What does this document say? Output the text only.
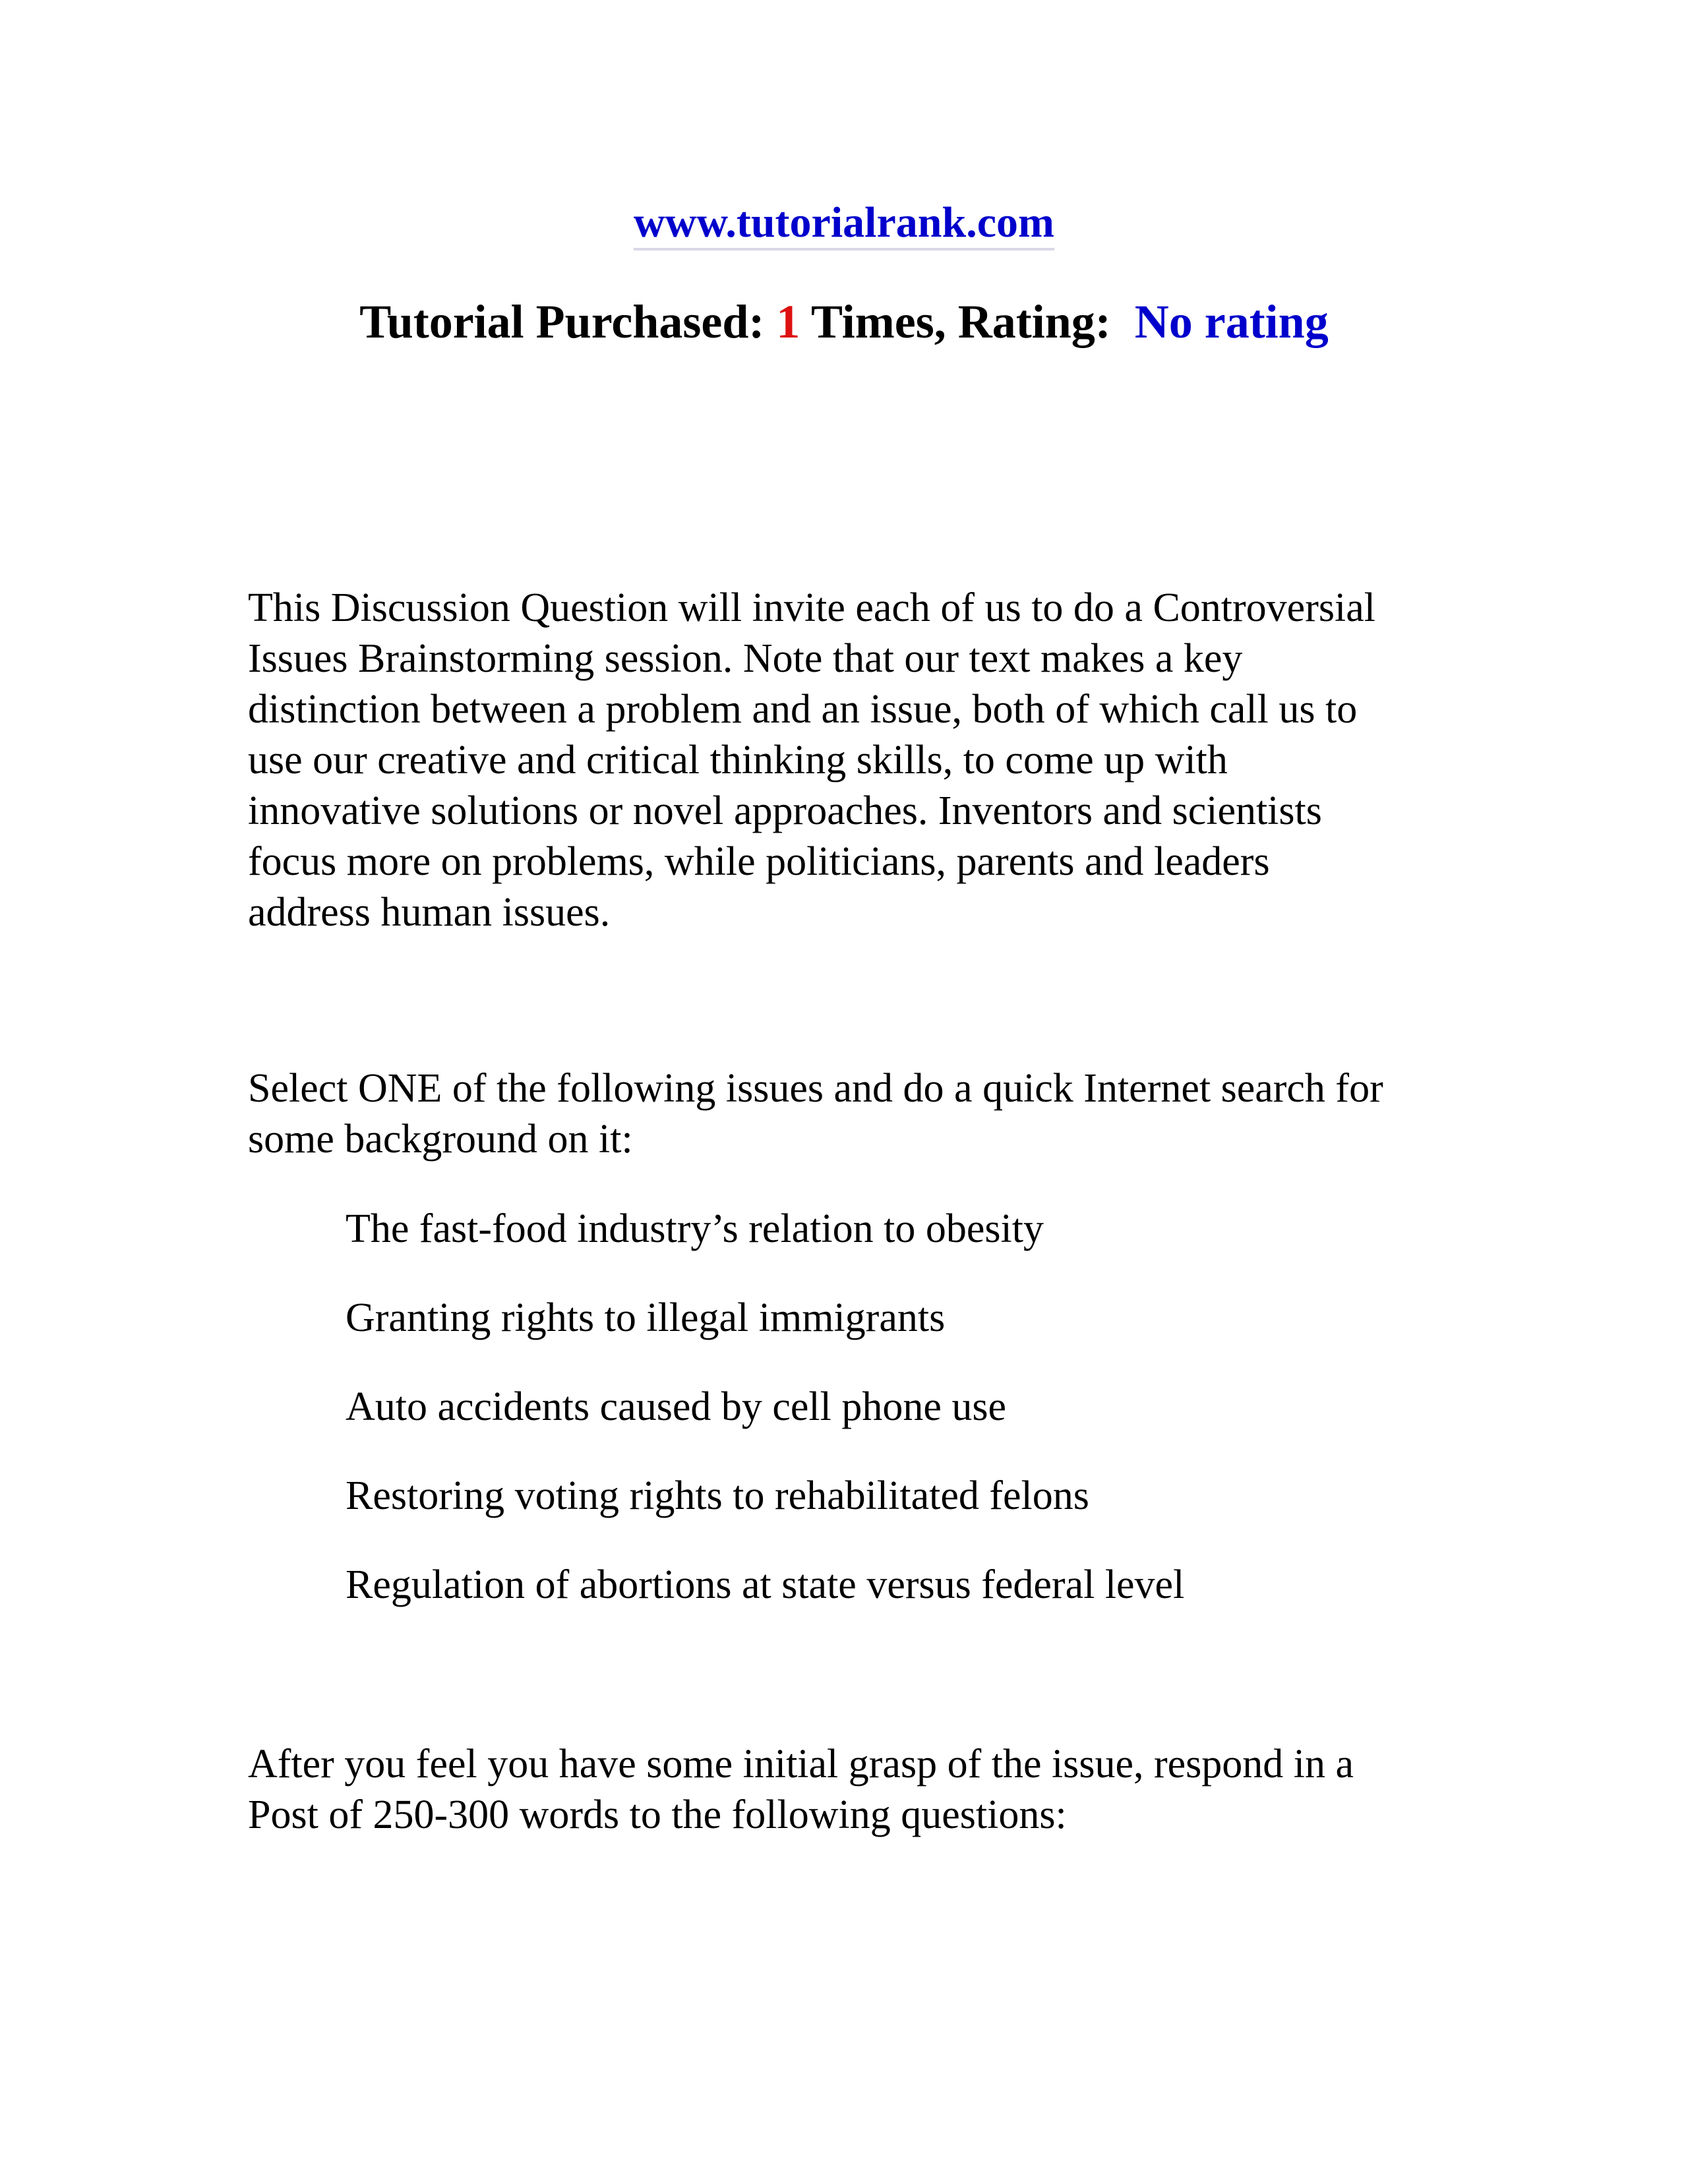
www.tutorialrank.com
Tutorial Purchased: 1 Times, Rating:  No rating

This Discussion Question will invite each of us to do a Controversial
Issues Brainstorming session. Note that our text makes a key
distinction between a problem and an issue, both of which call us to
use our creative and critical thinking skills, to come up with
innovative solutions or novel approaches. Inventors and scientists
focus more on problems, while politicians, parents and leaders
address human issues.

Select ONE of the following issues and do a quick Internet search for
some background on it:

The fast-food industry’s relation to obesity
Granting rights to illegal immigrants
Auto accidents caused by cell phone use
Restoring voting rights to rehabilitated felons
Regulation of abortions at state versus federal level

After you feel you have some initial grasp of the issue, respond in a
Post of 250-300 words to the following questions:
